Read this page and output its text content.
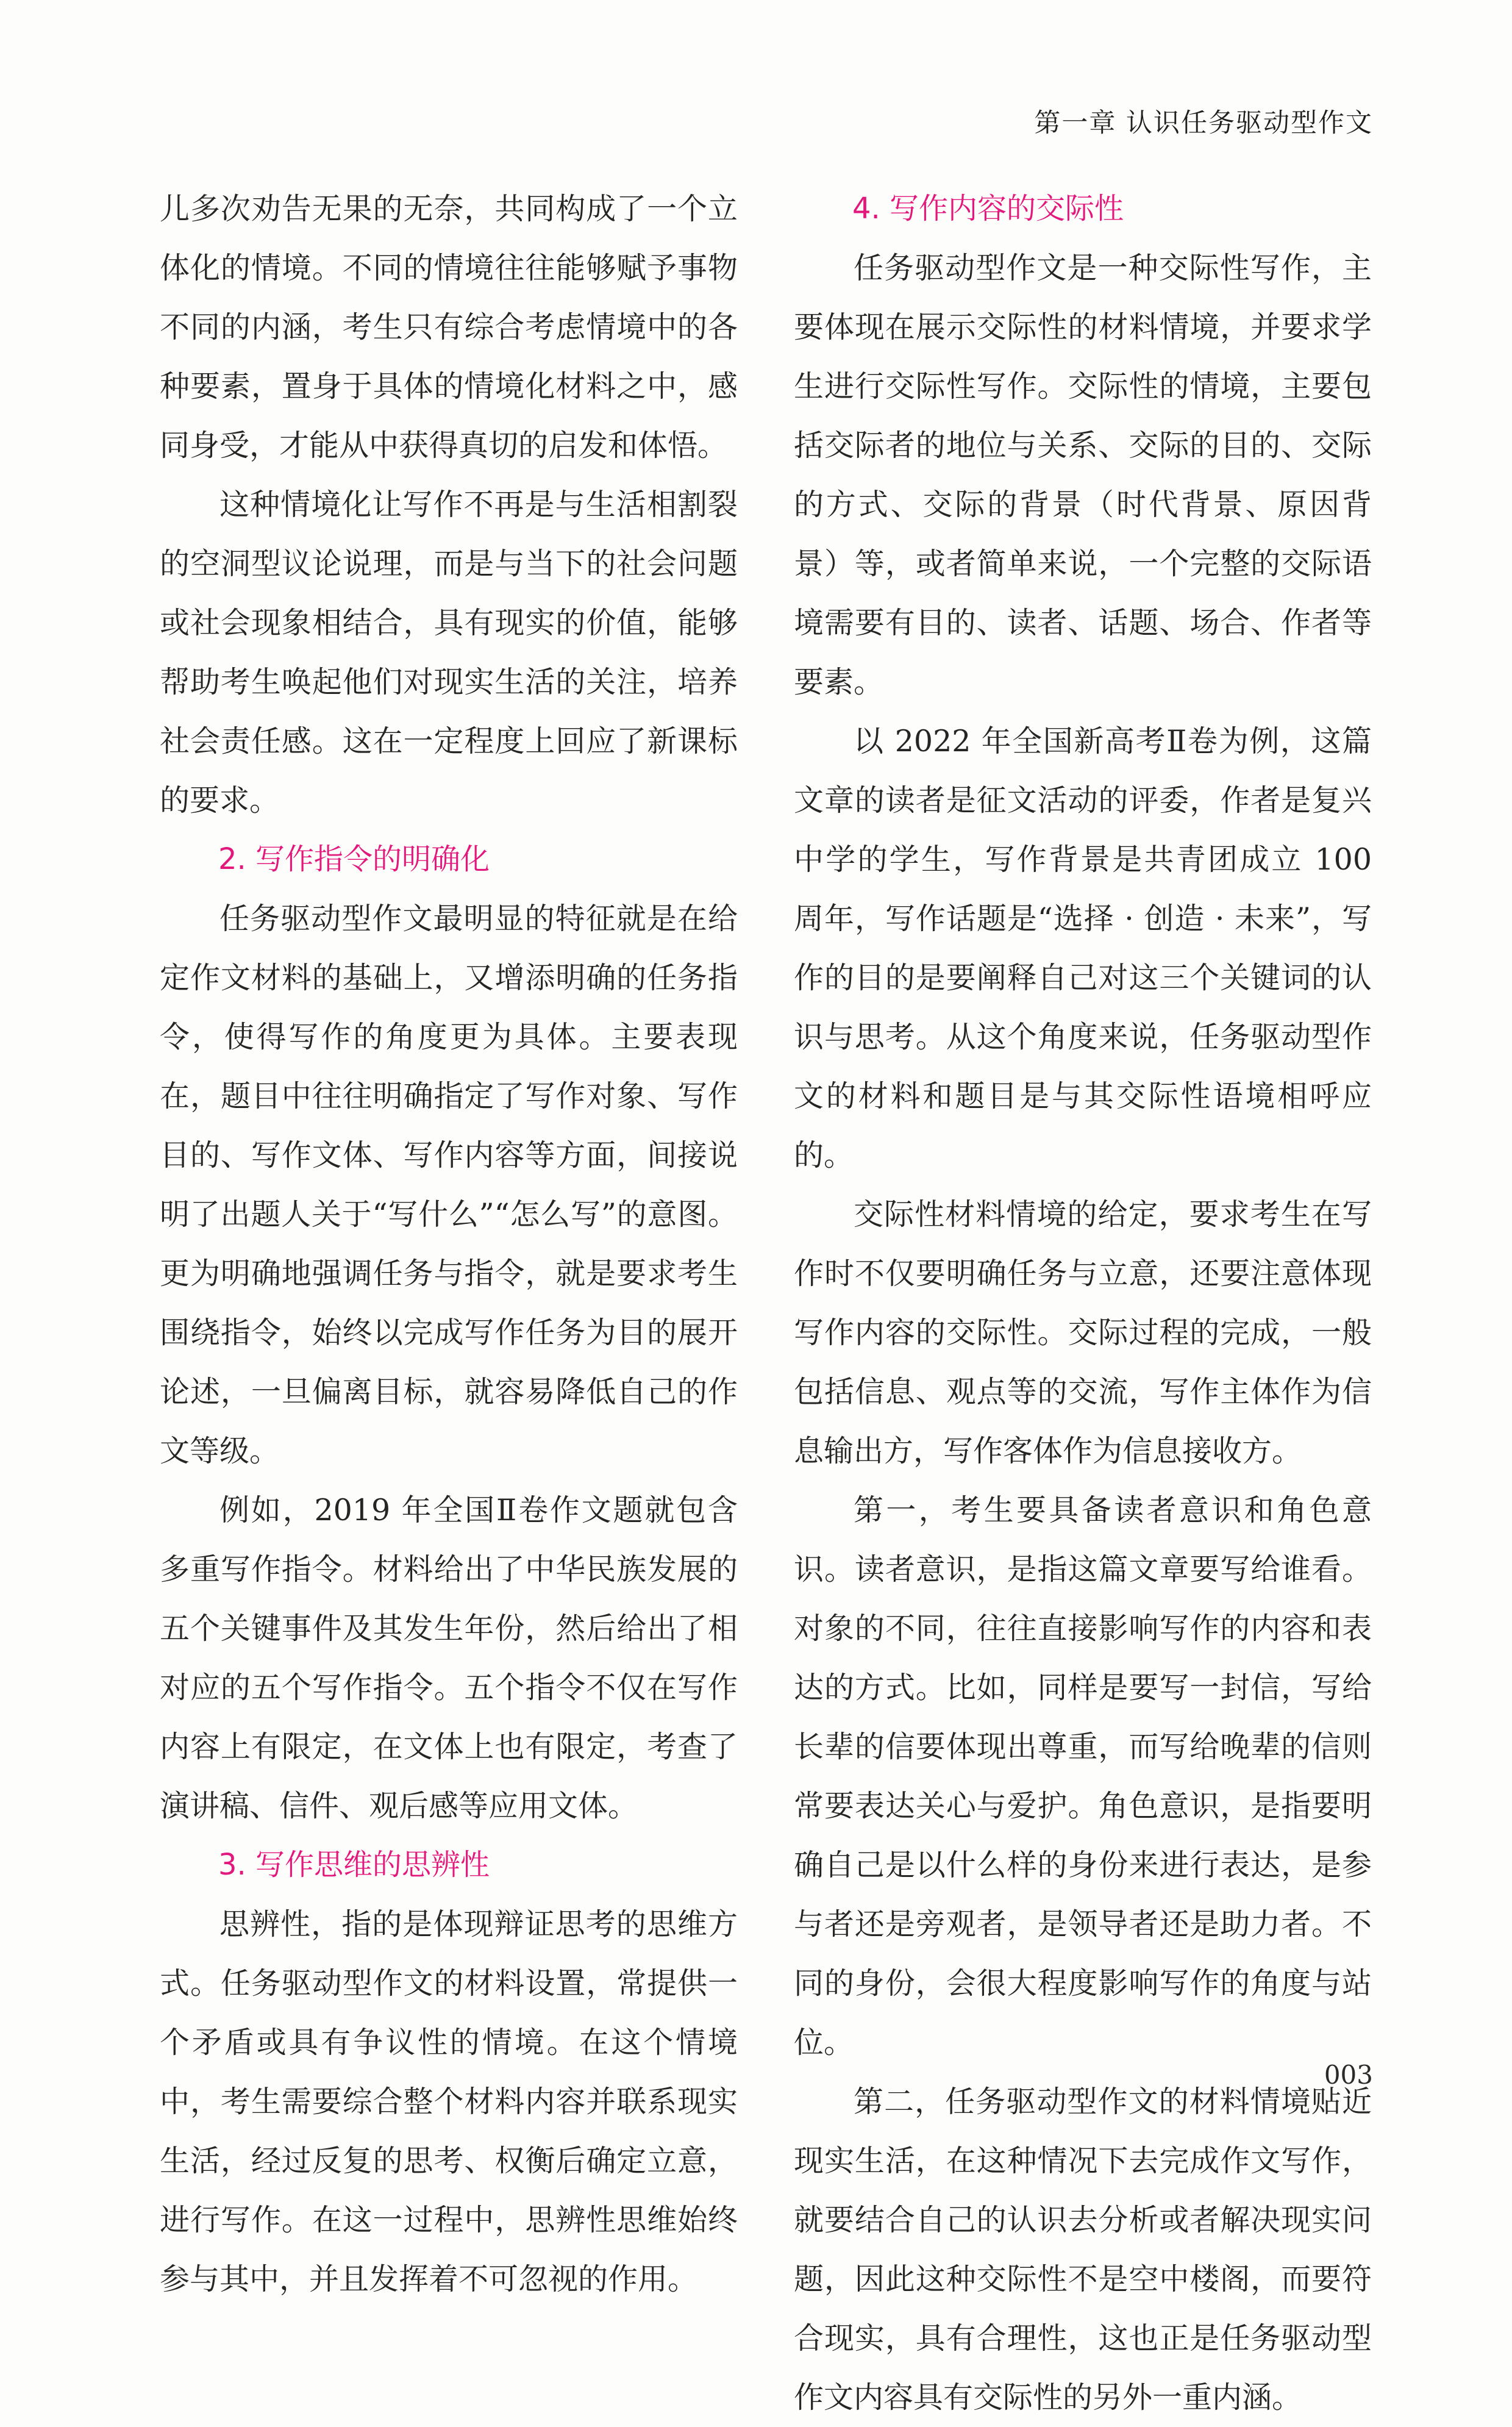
第一章 认识任务驱动型作文

儿多次劝告无果的无奈，共同构成了一个立体化的情境。不同的情境往往能够赋予事物不同的内涵，考生只有综合考虑情境中的各种要素，置身于具体的情境化材料之中，感同身受，才能从中获得真切的启发和体悟。

这种情境化让写作不再是与生活相割裂的空洞型议论说理，而是与当下的社会问题或社会现象相结合，具有现实的价值，能够帮助考生唤起他们对现实生活的关注，培养社会责任感。这在一定程度上回应了新课标的要求。

2. 写作指令的明确化

任务驱动型作文最明显的特征就是在给定作文材料的基础上，又增添明确的任务指令，使得写作的角度更为具体。主要表现在，题目中往往明确指定了写作对象、写作目的、写作文体、写作内容等方面，间接说明了出题人关于“写什么”“怎么写”的意图。更为明确地强调任务与指令，就是要求考生围绕指令，始终以完成写作任务为目的展开论述，一旦偏离目标，就容易降低自己的作文等级。

例如，2019 年全国Ⅱ卷作文题就包含多重写作指令。材料给出了中华民族发展的五个关键事件及其发生年份，然后给出了相对应的五个写作指令。五个指令不仅在写作内容上有限定，在文体上也有限定，考查了演讲稿、信件、观后感等应用文体。

3. 写作思维的思辨性

思辨性，指的是体现辩证思考的思维方式。任务驱动型作文的材料设置，常提供一个矛盾或具有争议性的情境。在这个情境中，考生需要综合整个材料内容并联系现实生活，经过反复的思考、权衡后确定立意，进行写作。在这一过程中，思辨性思维始终参与其中，并且发挥着不可忽视的作用。

4. 写作内容的交际性

任务驱动型作文是一种交际性写作，主要体现在展示交际性的材料情境，并要求学生进行交际性写作。交际性的情境，主要包括交际者的地位与关系、交际的目的、交际的方式、交际的背景（时代背景、原因背景）等，或者简单来说，一个完整的交际语境需要有目的、读者、话题、场合、作者等要素。

以 2022 年全国新高考Ⅱ卷为例，这篇文章的读者是征文活动的评委，作者是复兴中学的学生，写作背景是共青团成立 100 周年，写作话题是“选择 · 创造 · 未来”，写作的目的是要阐释自己对这三个关键词的认识与思考。从这个角度来说，任务驱动型作文的材料和题目是与其交际性语境相呼应的。

交际性材料情境的给定，要求考生在写作时不仅要明确任务与立意，还要注意体现写作内容的交际性。交际过程的完成，一般包括信息、观点等的交流，写作主体作为信息输出方，写作客体作为信息接收方。

第一，考生要具备读者意识和角色意识。读者意识，是指这篇文章要写给谁看。对象的不同，往往直接影响写作的内容和表达的方式。比如，同样是要写一封信，写给长辈的信要体现出尊重，而写给晚辈的信则常要表达关心与爱护。角色意识，是指要明确自己是以什么样的身份来进行表达，是参与者还是旁观者，是领导者还是助力者。不同的身份，会很大程度影响写作的角度与站位。

第二，任务驱动型作文的材料情境贴近现实生活，在这种情况下去完成作文写作，就要结合自己的认识去分析或者解决现实问题，因此这种交际性不是空中楼阁，而要符合现实，具有合理性，这也正是任务驱动型作文内容具有交际性的另外一重内涵。

003
